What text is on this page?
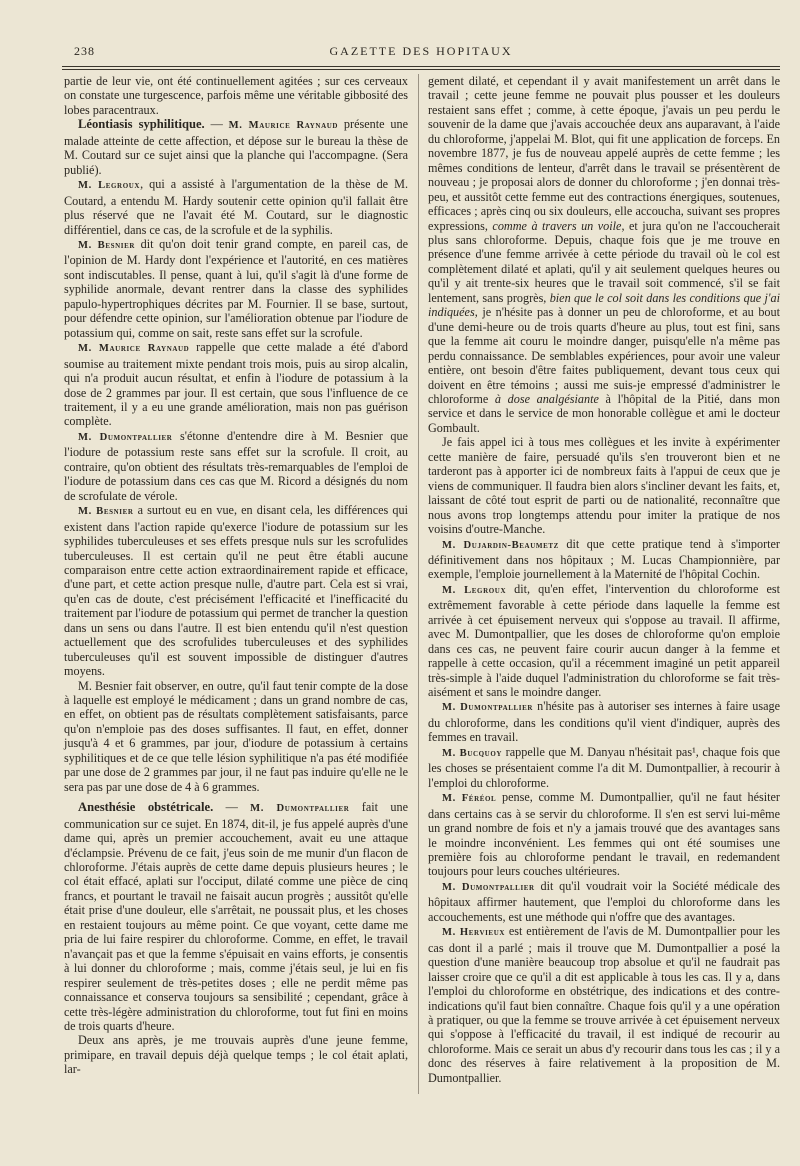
238	GAZETTE DES HOPITAUX

partie de leur vie, ont été continuellement agitées ; sur ces cerveaux on constate une turgescence, parfois même une véritable gibbosité des lobes paracentraux.

Léontiasis syphilitique. — M. Maurice Raynaud présente une malade atteinte de cette affection, et dépose sur le bureau la thèse de M. Coutard sur ce sujet ainsi que la planche qui l'accompagne. (Sera publié).

M. Legroux, qui a assisté à l'argumentation de la thèse de M. Coutard, a entendu M. Hardy soutenir cette opinion qu'il fallait être plus réservé que ne l'avait été M. Coutard, sur le diagnostic différentiel, dans ce cas, de la scrofule et de la syphilis.

M. Besnier dit qu'on doit tenir grand compte, en pareil cas, de l'opinion de M. Hardy dont l'expérience et l'autorité, en ces matières sont indiscutables. Il pense, quant à lui, qu'il s'agit là d'une forme de syphilide anormale, devant rentrer dans la classe des syphilides papulo-hypertrophiques décrites par M. Fournier. Il se base, surtout, pour défendre cette opinion, sur l'amélioration obtenue par l'iodure de potassium qui, comme on sait, reste sans effet sur la scrofule.

M. Maurice Raynaud rappelle que cette malade a été d'abord soumise au traitement mixte pendant trois mois, puis au sirop alcalin, qui n'a produit aucun résultat, et enfin à l'iodure de potassium à la dose de 2 grammes par jour. Il est certain, que sous l'influence de ce traitement, il y a eu une grande amélioration, mais non pas guérison complète.

M. Dumontpallier s'étonne d'entendre dire à M. Besnier que l'iodure de potassium reste sans effet sur la scrofule. Il croit, au contraire, qu'on obtient des résultats très-remarquables de l'emploi de l'iodure de potassium dans ces cas que M. Ricord a désignés du nom de scrofulate de vérole.

M. Besnier a surtout eu en vue, en disant cela, les différences qui existent dans l'action rapide qu'exerce l'iodure de potassium sur les syphilides tuberculeuses et ses effets presque nuls sur les scrofulides tuberculeuses. Il est certain qu'il ne peut être établi aucune comparaison entre cette action extraordinairement rapide et efficace, d'une part, et cette action presque nulle, d'autre part. Cela est si vrai, qu'en cas de doute, c'est précisément l'efficacité et l'inefficacité du traitement par l'iodure de potassium qui permet de trancher la question dans un sens ou dans l'autre. Il est bien entendu qu'il n'est question actuellement que des scrofulides tuberculeuses et des syphilides tuberculeuses qu'il est souvent impossible de distinguer d'autres moyens.

M. Besnier fait observer, en outre, qu'il faut tenir compte de la dose à laquelle est employé le médicament ; dans un grand nombre de cas, en effet, on obtient pas de résultats complètement satisfaisants, parce qu'on n'emploie pas des doses suffisantes. Il faut, en effet, donner jusqu'à 4 et 6 grammes, par jour, d'iodure de potassium à certains syphilitiques et de ce que telle lésion syphilitique n'a pas été modifiée par une dose de 2 grammes par jour, il ne faut pas induire qu'elle ne le sera pas par une dose de 4 à 6 grammes.

Anesthésie obstétricale. — M. Dumontpallier fait une communication sur ce sujet. En 1874, dit-il, je fus appelé auprès d'une dame qui, après un premier accouchement, avait eu une attaque d'éclampsie. Prévenu de ce fait, j'eus soin de me munir d'un flacon de chloroforme. J'étais auprès de cette dame depuis plusieurs heures ; le col était effacé, aplati sur l'occiput, dilaté comme une pièce de cinq francs, et pourtant le travail ne faisait aucun progrès ; aussitôt qu'elle était prise d'une douleur, elle s'arrêtait, ne poussait plus, et les choses en restaient toujours au même point. Ce que voyant, cette dame me pria de lui faire respirer du chloroforme. Comme, en effet, le travail n'avançait pas et que la femme s'épuisait en vains efforts, je consentis à lui donner du chloroforme ; mais, comme j'étais seul, je lui en fis respirer seulement de très-petites doses ; elle ne perdit même pas connaissance et conserva toujours sa sensibilité ; cependant, grâce à cette très-légère administration du chloroforme, tout fut fini en moins de trois quarts d'heure.

Deux ans après, je me trouvais auprès d'une jeune femme, primipare, en travail depuis déjà quelque temps ; le col était aplati, lar-

gement dilaté, et cependant il y avait manifestement un arrêt dans le travail ; cette jeune femme ne pouvait plus pousser et les douleurs restaient sans effet ; comme, à cette époque, j'avais un peu perdu le souvenir de la dame que j'avais accouchée deux ans auparavant, à l'aide du chloroforme, j'appelai M. Blot, qui fit une application de forceps. En novembre 1877, je fus de nouveau appelé auprès de cette femme ; les mêmes conditions de lenteur, d'arrêt dans le travail se présentèrent de nouveau ; je proposai alors de donner du chloroforme ; j'en donnai très-peu, et aussitôt cette femme eut des contractions énergiques, soutenues, efficaces ; après cinq ou six douleurs, elle accoucha, suivant ses propres expressions, comme à travers un voile, et jura qu'on ne l'accoucherait plus sans chloroforme. Depuis, chaque fois que je me trouve en présence d'une femme arrivée à cette période du travail où le col est complètement dilaté et aplati, qu'il y ait seulement quelques heures ou qu'il y ait trente-six heures que le travail soit commencé, s'il se fait lentement, sans progrès, bien que le col soit dans les conditions que j'ai indiquées, je n'hésite pas à donner un peu de chloroforme, et au bout d'une demi-heure ou de trois quarts d'heure au plus, tout est fini, sans que la femme ait couru le moindre danger, puisqu'elle n'a même pas perdu connaissance. De semblables expériences, pour avoir une valeur entière, ont besoin d'être faites publiquement, devant tous ceux qui doivent en être témoins ; aussi me suis-je empressé d'administrer le chloroforme à dose analgésiante à l'hôpital de la Pitié, dans mon service et dans le service de mon honorable collègue et ami le docteur Gombault.

Je fais appel ici à tous mes collègues et les invite à expérimenter cette manière de faire, persuadé qu'ils s'en trouveront bien et ne tarderont pas à apporter ici de nombreux faits à l'appui de ceux que je viens de communiquer. Il faudra bien alors s'incliner devant les faits, et, laissant de côté tout esprit de parti ou de nationalité, reconnaître que nous avons trop longtemps attendu pour imiter la pratique de nos voisins d'outre-Manche.

M. Dujardin-Beaumetz dit que cette pratique tend à s'importer définitivement dans nos hôpitaux ; M. Lucas Championnière, par exemple, l'emploie journellement à la Maternité de l'hôpital Cochin.

M. Legroux dit, qu'en effet, l'intervention du chloroforme est extrêmement favorable à cette période dans laquelle la femme est arrivée à cet épuisement nerveux qui s'oppose au travail. Il affirme, avec M. Dumontpallier, que les doses de chloroforme qu'on emploie dans ces cas, ne peuvent faire courir aucun danger à la femme et rappelle à cette occasion, qu'il a récemment imaginé un petit appareil très-simple à l'aide duquel l'administration du chloroforme se fait très-aisément et sans le moindre danger.

M. Dumontpallier n'hésite pas à autoriser ses internes à faire usage du chloroforme, dans les conditions qu'il vient d'indiquer, auprès des femmes en travail.

M. Bucquoy rappelle que M. Danyau n'hésitait pas¹, chaque fois que les choses se présentaient comme l'a dit M. Dumontpallier, à recourir à l'emploi du chloroforme.

M. Féréol pense, comme M. Dumontpallier, qu'il ne faut hésiter dans certains cas à se servir du chloroforme. Il s'en est servi lui-même un grand nombre de fois et n'y a jamais trouvé que des avantages sans le moindre inconvénient. Les femmes qui ont été soumises une première fois au chloroforme pendant le travail, en redemandent toujours pour leurs couches ultérieures.

M. Dumontpallier dit qu'il voudrait voir la Société médicale des hôpitaux affirmer hautement, que l'emploi du chloroforme dans les accouchements, est une méthode qui n'offre que des avantages.

M. Hervieux est entièrement de l'avis de M. Dumontpallier pour les cas dont il a parlé ; mais il trouve que M. Dumontpallier a posé la question d'une manière beaucoup trop absolue et qu'il ne faudrait pas laisser croire que ce qu'il a dit est applicable à tous les cas. Il y a, dans l'emploi du chloroforme en obstétrique, des indications et des contre-indications qu'il faut bien connaître. Chaque fois qu'il y a une opération à pratiquer, ou que la femme se trouve arrivée à cet épuisement nerveux qui s'oppose à l'efficacité du travail, il est indiqué de recourir au chloroforme. Mais ce serait un abus d'y recourir dans tous les cas ; il y a donc des réserves à faire relativement à la proposition de M. Dumontpallier.
